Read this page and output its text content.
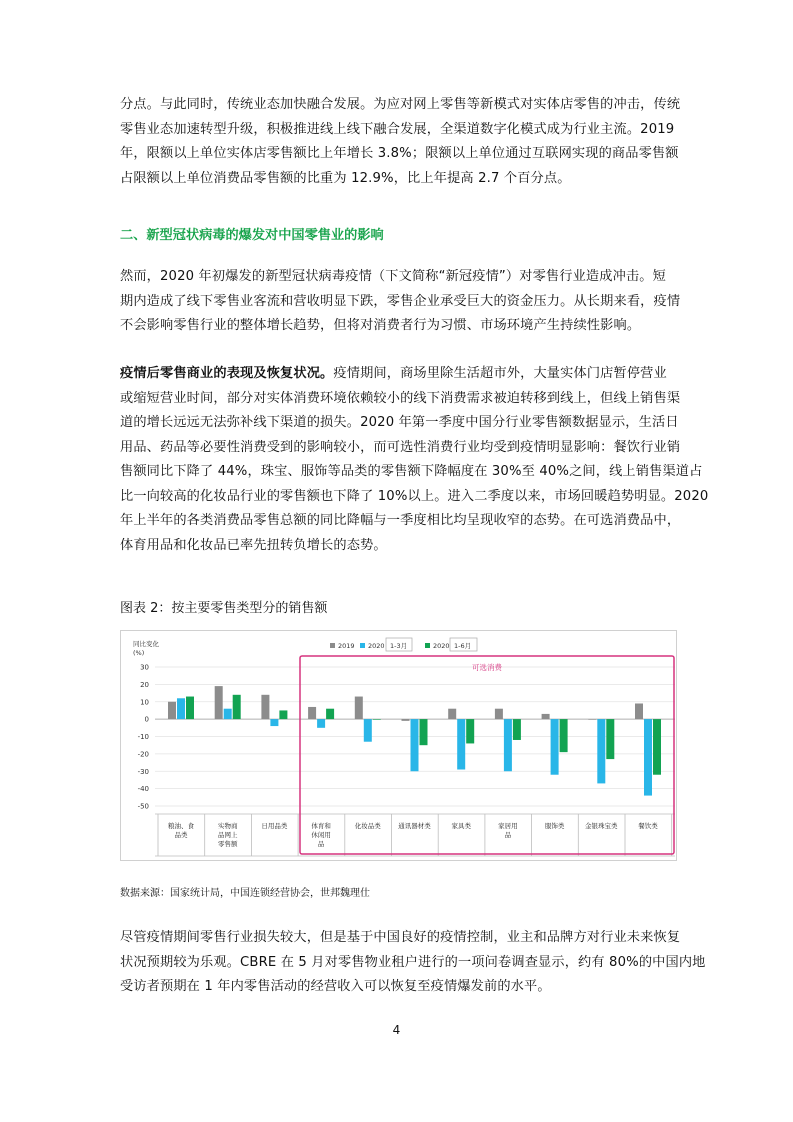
分点。与此同时，传统业态加快融合发展。为应对网上零售等新模式对实体店零售的冲击，传统
零售业态加速转型升级，积极推进线上线下融合发展，全渠道数字化模式成为行业主流。2019
年，限额以上单位实体店零售额比上年增长 3.8%；限额以上单位通过互联网实现的商品零售额
占限额以上单位消费品零售额的比重为 12.9%，比上年提高 2.7 个百分点。
二、新型冠状病毒的爆发对中国零售业的影响
然而，2020 年初爆发的新型冠状病毒疫情（下文简称“新冠疫情”）对零售行业造成冲击。短
期内造成了线下零售业客流和营收明显下跌，零售企业承受巨大的资金压力。从长期来看，疫情
不会影响零售行业的整体增长趋势，但将对消费者行为习惯、市场环境产生持续性影响。
疫情后零售商业的表现及恢复状况。疫情期间，商场里除生活超市外，大量实体门店暂停营业
或缩短营业时间，部分对实体消费环境依赖较小的线下消费需求被迫转移到线上，但线上销售渠
道的增长远远无法弥补线下渠道的损失。2020 年第一季度中国分行业零售额数据显示，生活日
用品、药品等必要性消费受到的影响较小，而可选性消费行业均受到疫情明显影响：餐饮行业销
售额同比下降了 44%，珠宝、服饰等品类的零售额下降幅度在 30%至 40%之间，线上销售渠道占
比一向较高的化妆品行业的零售额也下降了 10%以上。进入二季度以来，市场回暖趋势明显。2020
年上半年的各类消费品零售总额的同比降幅与一季度相比均呈现收窄的态势。在可选消费品中，
体育用品和化妆品已率先扭转负增长的态势。
图表 2：按主要零售类型分的销售额
同比变化
(%)
30
20
10
0
-10
-20
-30
-40
-50
粮油、食
品类
实物商
品网上
零售额
日用品类	体育和
休闲用
品
化妆品类	通讯器材类	家具类	家居用
品
服饰类	金银珠宝类	餐饮类
2019 2020 1-3月	2020 1-6月
可选消费
数据来源：国家统计局，中国连锁经营协会，世邦魏理仕
尽管疫情期间零售行业损失较大，但是基于中国良好的疫情控制，业主和品牌方对行业未来恢复
状况预期较为乐观。CBRE 在 5 月对零售物业租户进行的一项问卷调查显示，约有 80%的中国内地
受访者预期在 1 年内零售活动的经营收入可以恢复至疫情爆发前的水平。
4
